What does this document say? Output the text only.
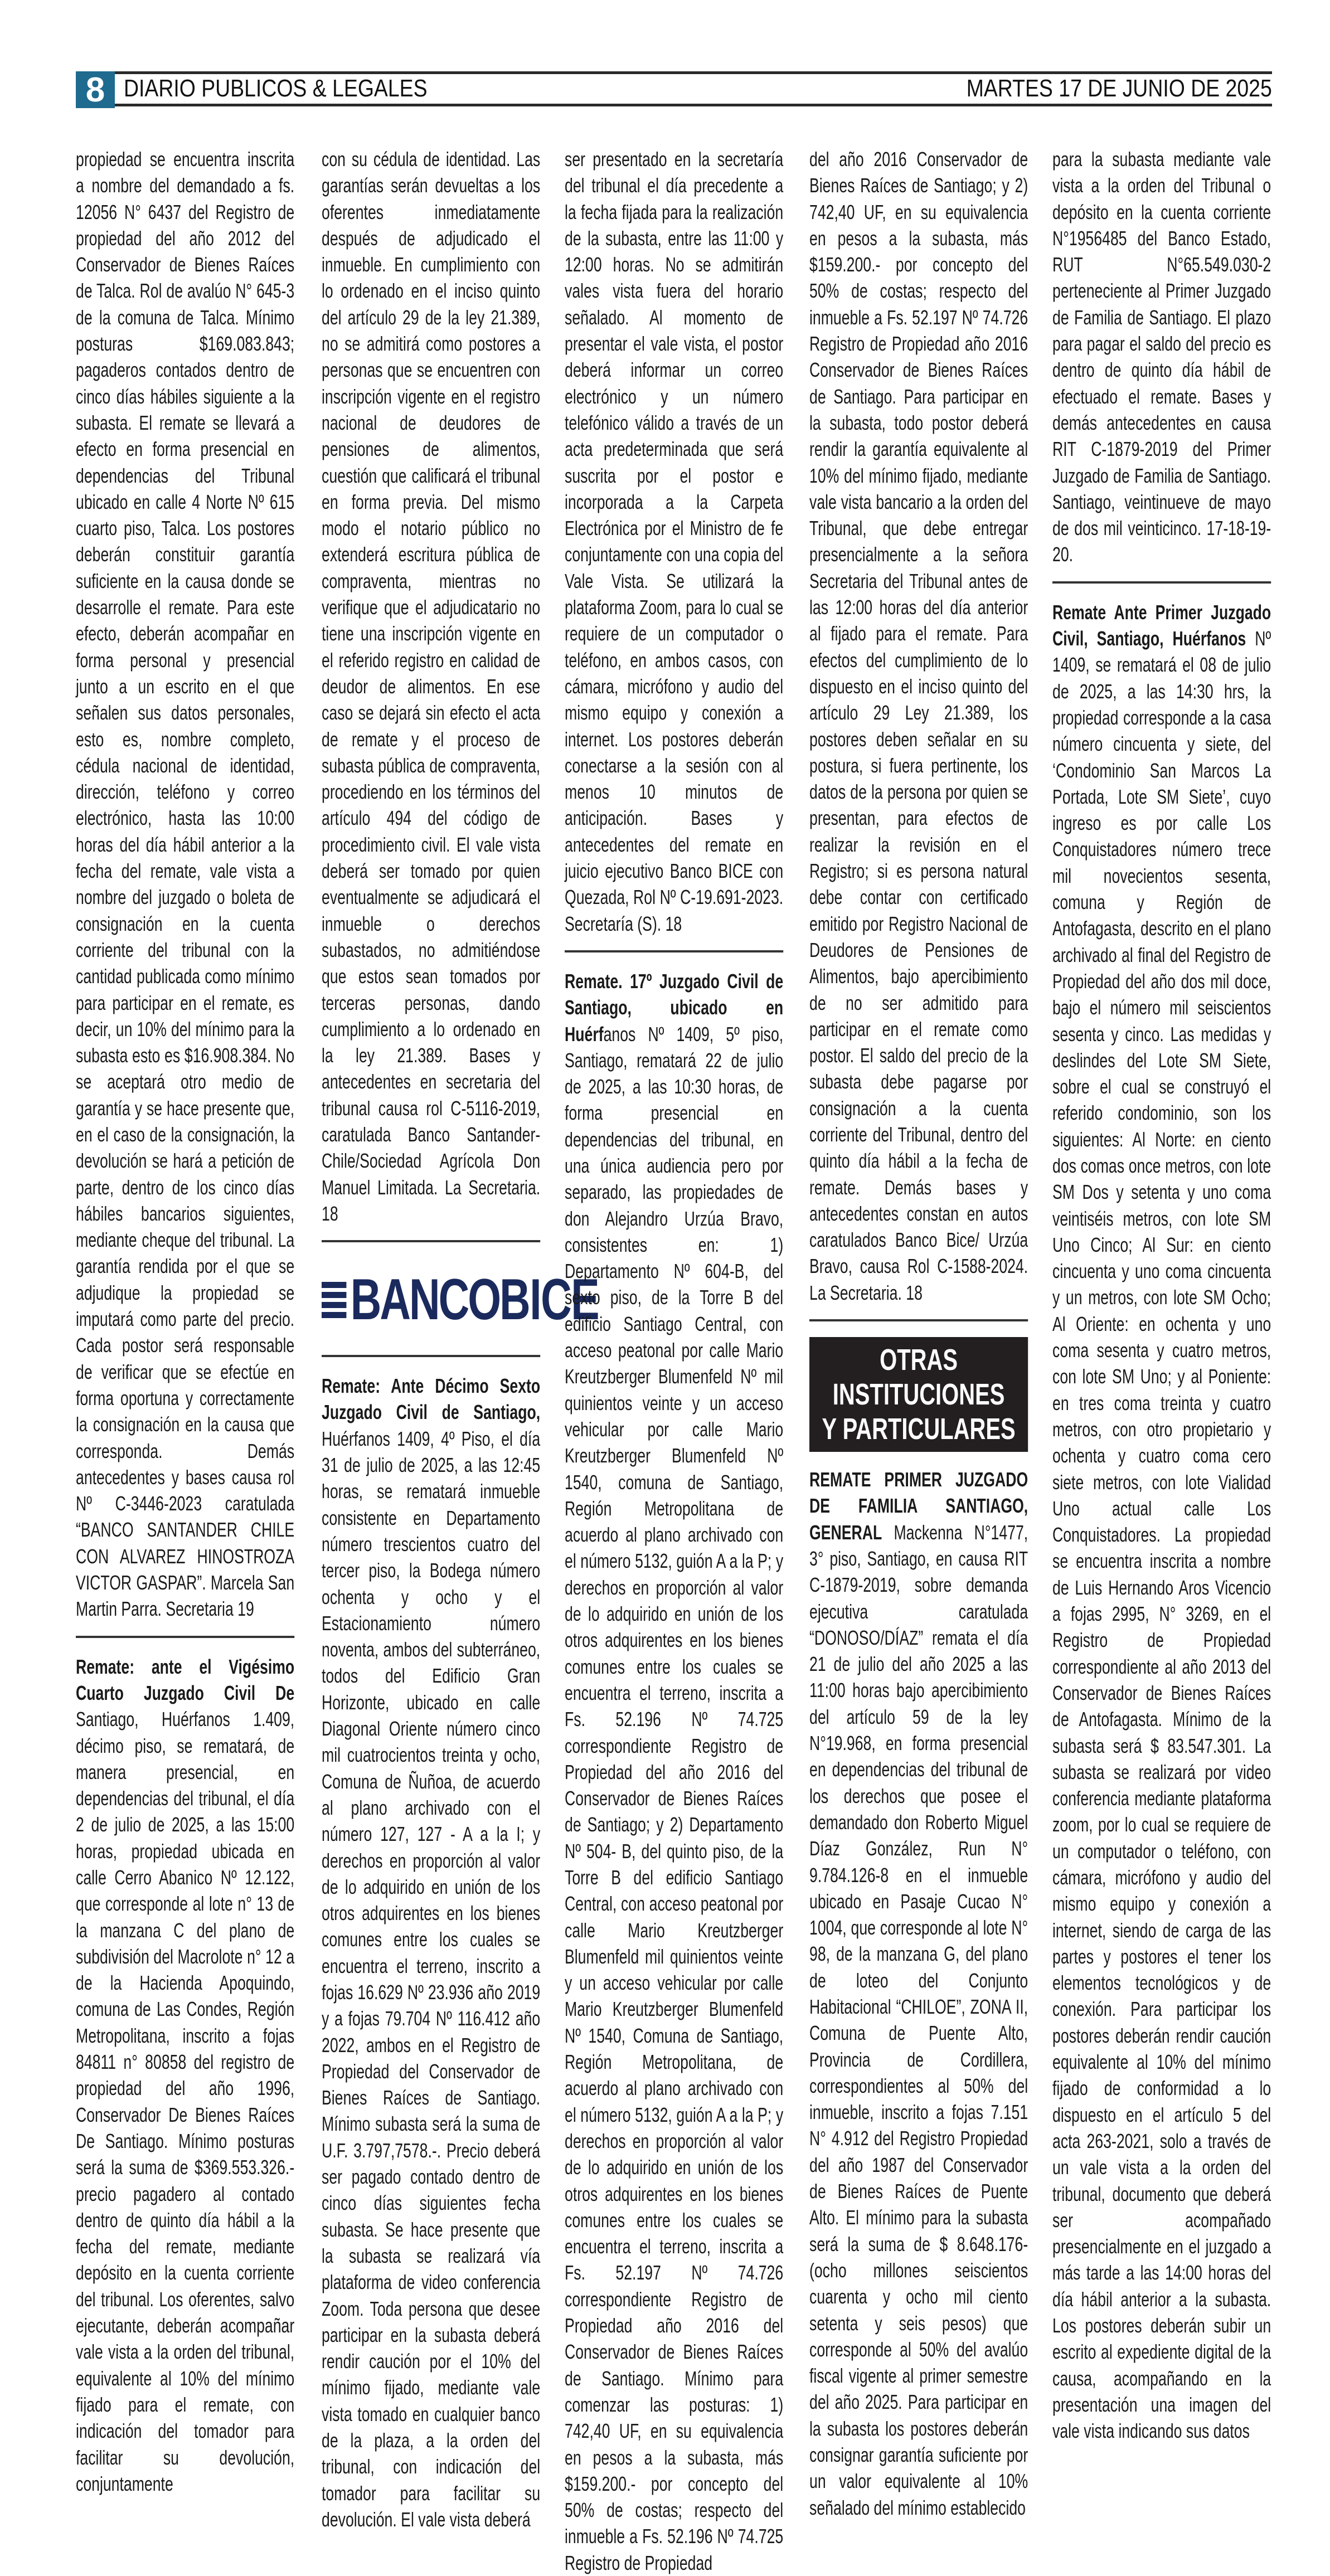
8 DIARIO PUBLICOS & LEGALES	MARTES 17 DE JUNIO DE 2025

propiedad se encuentra inscrita a nombre del demandado a fs. 12056 N° 6437 del Registro de propiedad del año 2012 del Conservador de Bienes Raíces de Talca. Rol de avalúo N° 645-3 de la comuna de Talca. Mínimo posturas $169.083.843; pagaderos contados dentro de cinco días hábiles siguiente a la subasta. El remate se llevará a efecto en forma presencial en dependencias del Tribunal ubicado en calle 4 Norte Nº 615 cuarto piso, Talca. Los postores deberán constituir garantía suficiente en la causa donde se desarrolle el remate. Para este efecto, deberán acompañar en forma personal y presencial junto a un escrito en el que señalen sus datos personales, esto es, nombre completo, cédula nacional de identidad, dirección, teléfono y correo electrónico, hasta las 10:00 horas del día hábil anterior a la fecha del remate, vale vista a nombre del juzgado o boleta de consignación en la cuenta corriente del tribunal con la cantidad publicada como mínimo para participar en el remate, es decir, un 10% del mínimo para la subasta esto es $16.908.384. No se aceptará otro medio de garantía y se hace presente que, en el caso de la consignación, la devolución se hará a petición de parte, dentro de los cinco días hábiles bancarios siguientes, mediante cheque del tribunal. La garantía rendida por el que se adjudique la propiedad se imputará como parte del precio. Cada postor será responsable de verificar que se efectúe en forma oportuna y correctamente la consignación en la causa que corresponda. Demás antecedentes y bases causa rol Nº C-3446-2023 caratulada “BANCO SANTANDER CHILE CON ALVAREZ HINOSTROZA VICTOR GASPAR”. Marcela San Martin Parra. Secretaria 19

Remate: ante el Vigésimo Cuarto Juzgado Civil De Santiago, Huérfanos 1.409, décimo piso, se rematará, de manera presencial, en dependencias del tribunal, el día 2 de julio de 2025, a las 15:00 horas, propiedad ubicada en calle Cerro Abanico Nº 12.122, que corresponde al lote n° 13 de la manzana C del plano de subdivisión del Macrolote n° 12 a de la Hacienda Apoquindo, comuna de Las Condes, Región Metropolitana, inscrito a fojas 84811 n° 80858 del registro de propiedad del año 1996, Conservador De Bienes Raíces De Santiago. Mínimo posturas será la suma de $369.553.326.- precio pagadero al contado dentro de quinto día hábil a la fecha del remate, mediante depósito en la cuenta corriente del tribunal. Los oferentes, salvo ejecutante, deberán acompañar vale vista a la orden del tribunal, equivalente al 10% del mínimo fijado para el remate, con indicación del tomador para facilitar su devolución, conjuntamente

con su cédula de identidad. Las garantías serán devueltas a los oferentes inmediatamente después de adjudicado el inmueble. En cumplimiento con lo ordenado en el inciso quinto del artículo 29 de la ley 21.389, no se admitirá como postores a personas que se encuentren con inscripción vigente en el registro nacional de deudores de pensiones de alimentos, cuestión que calificará el tribunal en forma previa. Del mismo modo el notario público no extenderá escritura pública de compraventa, mientras no verifique que el adjudicatario no tiene una inscripción vigente en el referido registro en calidad de deudor de alimentos. En ese caso se dejará sin efecto el acta de remate y el proceso de subasta pública de compraventa, procediendo en los términos del artículo 494 del código de procedimiento civil. El vale vista deberá ser tomado por quien eventualmente se adjudicará el inmueble o derechos subastados, no admitiéndose que estos sean tomados por terceras personas, dando cumplimiento a lo ordenado en la ley 21.389. Bases y antecedentes en secretaria del tribunal causa rol C-5116-2019, caratulada Banco Santander- Chile/Sociedad Agrícola Don Manuel Limitada. La Secretaria. 18

BANCO BICE

Remate: Ante Décimo Sexto Juzgado Civil de Santiago, Huérfanos 1409, 4º Piso, el día 31 de julio de 2025, a las 12:45 horas, se rematará inmueble consistente en Departamento número trescientos cuatro del tercer piso, la Bodega número ochenta y ocho y el Estacionamiento número noventa, ambos del subterráneo, todos del Edificio Gran Horizonte, ubicado en calle Diagonal Oriente número cinco mil cuatrocientos treinta y ocho, Comuna de Ñuñoa, de acuerdo al plano archivado con el número 127, 127 - A a la I; y derechos en proporción al valor de lo adquirido en unión de los otros adquirentes en los bienes comunes entre los cuales se encuentra el terreno, inscrito a fojas 16.629 Nº 23.936 año 2019 y a fojas 79.704 Nº 116.412 año 2022, ambos en el Registro de Propiedad del Conservador de Bienes Raíces de Santiago. Mínimo subasta será la suma de U.F. 3.797,7578.-. Precio deberá ser pagado contado dentro de cinco días siguientes fecha subasta. Se hace presente que la subasta se realizará vía plataforma de video conferencia Zoom. Toda persona que desee participar en la subasta deberá rendir caución por el 10% del mínimo fijado, mediante vale vista tomado en cualquier banco de la plaza, a la orden del tribunal, con indicación del tomador para facilitar su devolución. El vale vista deberá

ser presentado en la secretaría del tribunal el día precedente a la fecha fijada para la realización de la subasta, entre las 11:00 y 12:00 horas. No se admitirán vales vista fuera del horario señalado. Al momento de presentar el vale vista, el postor deberá informar un correo electrónico y un número telefónico válido a través de un acta predeterminada que será suscrita por el postor e incorporada a la Carpeta Electrónica por el Ministro de fe conjuntamente con una copia del Vale Vista. Se utilizará la plataforma Zoom, para lo cual se requiere de un computador o teléfono, en ambos casos, con cámara, micrófono y audio del mismo equipo y conexión a internet. Los postores deberán conectarse a la sesión con al menos 10 minutos de anticipación. Bases y antecedentes del remate en juicio ejecutivo Banco BICE con Quezada, Rol Nº C-19.691-2023. Secretaría (S). 18

Remate. 17º Juzgado Civil de Santiago, ubicado en Huérfanos Nº 1409, 5º piso, Santiago, rematará 22 de julio de 2025, a las 10:30 horas, de forma presencial en dependencias del tribunal, en una única audiencia pero por separado, las propiedades de don Alejandro Urzúa Bravo, consistentes en: 1) Departamento Nº 604-B, del sexto piso, de la Torre B del edificio Santiago Central, con acceso peatonal por calle Mario Kreutzberger Blumenfeld Nº mil quinientos veinte y un acceso vehicular por calle Mario Kreutzberger Blumenfeld Nº 1540, comuna de Santiago, Región Metropolitana de acuerdo al plano archivado con el número 5132, guión A a la P; y derechos en proporción al valor de lo adquirido en unión de los otros adquirentes en los bienes comunes entre los cuales se encuentra el terreno, inscrita a Fs. 52.196 Nº 74.725 correspondiente Registro de Propiedad del año 2016 del Conservador de Bienes Raíces de Santiago; y 2) Departamento Nº 504- B, del quinto piso, de la Torre B del edificio Santiago Central, con acceso peatonal por calle Mario Kreutzberger Blumenfeld mil quinientos veinte y un acceso vehicular por calle Mario Kreutzberger Blumenfeld Nº 1540, Comuna de Santiago, Región Metropolitana, de acuerdo al plano archivado con el número 5132, guión A a la P; y derechos en proporción al valor de lo adquirido en unión de los otros adquirentes en los bienes comunes entre los cuales se encuentra el terreno, inscrita a Fs. 52.197 Nº 74.726 correspondiente Registro de Propiedad año 2016 del Conservador de Bienes Raíces de Santiago. Mínimo para comenzar las posturas: 1) 742,40 UF, en su equivalencia en pesos a la subasta, más $159.200.- por concepto del 50% de costas; respecto del inmueble a Fs. 52.196 Nº 74.725 Registro de Propiedad

del año 2016 Conservador de Bienes Raíces de Santiago; y 2) 742,40 UF, en su equivalencia en pesos a la subasta, más $159.200.- por concepto del 50% de costas; respecto del inmueble a Fs. 52.197 Nº 74.726 Registro de Propiedad año 2016 Conservador de Bienes Raíces de Santiago. Para participar en la subasta, todo postor deberá rendir la garantía equivalente al 10% del mínimo fijado, mediante vale vista bancario a la orden del Tribunal, que debe entregar presencialmente a la señora Secretaria del Tribunal antes de las 12:00 horas del día anterior al fijado para el remate. Para efectos del cumplimiento de lo dispuesto en el inciso quinto del artículo 29 Ley 21.389, los postores deben señalar en su postura, si fuera pertinente, los datos de la persona por quien se presentan, para efectos de realizar la revisión en el Registro; si es persona natural debe contar con certificado emitido por Registro Nacional de Deudores de Pensiones de Alimentos, bajo apercibimiento de no ser admitido para participar en el remate como postor. El saldo del precio de la subasta debe pagarse por consignación a la cuenta corriente del Tribunal, dentro del quinto día hábil a la fecha de remate. Demás bases y antecedentes constan en autos caratulados Banco Bice/ Urzúa Bravo, causa Rol C-1588-2024. La Secretaria. 18

OTRAS INSTITUCIONES
Y PARTICULARES

REMATE PRIMER JUZGADO DE FAMILIA SANTIAGO, GENERAL Mackenna N°1477, 3° piso, Santiago, en causa RIT C-1879-2019, sobre demanda ejecutiva caratulada “DONOSO/DÍAZ” remata el día 21 de julio del año 2025 a las 11:00 horas bajo apercibimiento del artículo 59 de la ley N°19.968, en forma presencial en dependencias del tribunal de los derechos que posee el demandado don Roberto Miguel Díaz González, Run N° 9.784.126-8 en el inmueble ubicado en Pasaje Cucao N° 1004, que corresponde al lote N° 98, de la manzana G, del plano de loteo del Conjunto Habitacional “CHILOE”, ZONA II, Comuna de Puente Alto, Provincia de Cordillera, correspondientes al 50% del inmueble, inscrito a fojas 7.151 N° 4.912 del Registro Propiedad del año 1987 del Conservador de Bienes Raíces de Puente Alto. El mínimo para la subasta será la suma de $ 8.648.176- (ocho millones seiscientos cuarenta y ocho mil ciento setenta y seis pesos) que corresponde al 50% del avalúo fiscal vigente al primer semestre del año 2025. Para participar en la subasta los postores deberán consignar garantía suficiente por un valor equivalente al 10% señalado del mínimo establecido

para la subasta mediante vale vista a la orden del Tribunal o depósito en la cuenta corriente N°1956485 del Banco Estado, RUT N°65.549.030-2 perteneciente al Primer Juzgado de Familia de Santiago. El plazo para pagar el saldo del precio es dentro de quinto día hábil de efectuado el remate. Bases y demás antecedentes en causa RIT C-1879-2019 del Primer Juzgado de Familia de Santiago. Santiago, veintinueve de mayo de dos mil veinticinco. 17-18-19-20.

Remate Ante Primer Juzgado Civil, Santiago, Huérfanos Nº 1409, se rematará el 08 de julio de 2025, a las 14:30 hrs, la propiedad corresponde a la casa número cincuenta y siete, del ‘Condominio San Marcos La Portada, Lote SM Siete’, cuyo ingreso es por calle Los Conquistadores número trece mil novecientos sesenta, comuna y Región de Antofagasta, descrito en el plano archivado al final del Registro de Propiedad del año dos mil doce, bajo el número mil seiscientos sesenta y cinco. Las medidas y deslindes del Lote SM Siete, sobre el cual se construyó el referido condominio, son los siguientes: Al Norte: en ciento dos comas once metros, con lote SM Dos y setenta y uno coma veintiséis metros, con lote SM Uno Cinco; Al Sur: en ciento cincuenta y uno coma cincuenta y un metros, con lote SM Ocho; Al Oriente: en ochenta y uno coma sesenta y cuatro metros, con lote SM Uno; y al Poniente: en tres coma treinta y cuatro metros, con otro propietario y ochenta y cuatro coma cero siete metros, con lote Vialidad Uno actual calle Los Conquistadores. La propiedad se encuentra inscrita a nombre de Luis Hernando Aros Vicencio a fojas 2995, N° 3269, en el Registro de Propiedad correspondiente al año 2013 del Conservador de Bienes Raíces de Antofagasta. Mínimo de la subasta será $ 83.547.301. La subasta se realizará por video conferencia mediante plataforma zoom, por lo cual se requiere de un computador o teléfono, con cámara, micrófono y audio del mismo equipo y conexión a internet, siendo de carga de las partes y postores el tener los elementos tecnológicos y de conexión. Para participar los postores deberán rendir caución equivalente al 10% del mínimo fijado de conformidad a lo dispuesto en el artículo 5 del acta 263-2021, solo a través de un vale vista a la orden del tribunal, documento que deberá ser acompañado presencialmente en el juzgado a más tarde a las 14:00 horas del día hábil anterior a la subasta. Los postores deberán subir un escrito al expediente digital de la causa, acompañando en la presentación una imagen del vale vista indicando sus datos
